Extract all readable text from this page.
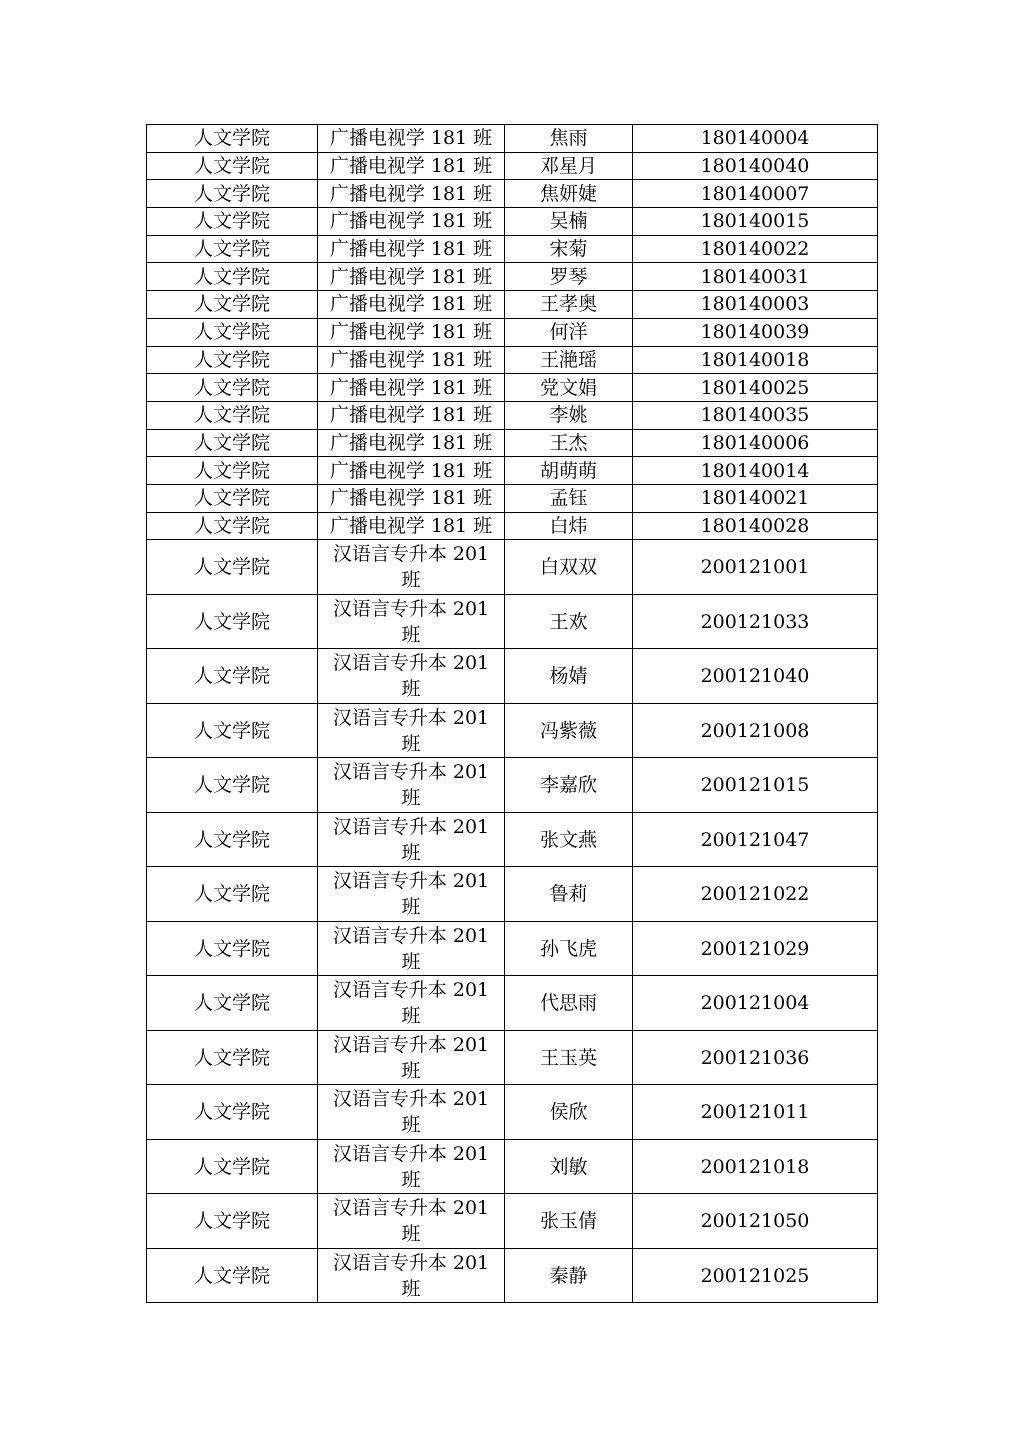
人文学院	广播电视学 181 班	焦雨	180140004
人文学院	广播电视学 181 班	邓星月	180140040
人文学院	广播电视学 181 班	焦妍婕	180140007
人文学院	广播电视学 181 班	吴楠	180140015
人文学院	广播电视学 181 班	宋菊	180140022
人文学院	广播电视学 181 班	罗琴	180140031
人文学院	广播电视学 181 班	王孝奥	180140003
人文学院	广播电视学 181 班	何洋	180140039
人文学院	广播电视学 181 班	王滟瑶	180140018
人文学院	广播电视学 181 班	党文娟	180140025
人文学院	广播电视学 181 班	李姚	180140035
人文学院	广播电视学 181 班	王杰	180140006
人文学院	广播电视学 181 班	胡萌萌	180140014
人文学院	广播电视学 181 班	孟钰	180140021
人文学院	广播电视学 181 班	白炜	180140028
人文学院	汉语言专升本 201 班	白双双	200121001
人文学院	汉语言专升本 201 班	王欢	200121033
人文学院	汉语言专升本 201 班	杨婧	200121040
人文学院	汉语言专升本 201 班	冯紫薇	200121008
人文学院	汉语言专升本 201 班	李嘉欣	200121015
人文学院	汉语言专升本 201 班	张文燕	200121047
人文学院	汉语言专升本 201 班	鲁莉	200121022
人文学院	汉语言专升本 201 班	孙飞虎	200121029
人文学院	汉语言专升本 201 班	代思雨	200121004
人文学院	汉语言专升本 201 班	王玉英	200121036
人文学院	汉语言专升本 201 班	侯欣	200121011
人文学院	汉语言专升本 201 班	刘敏	200121018
人文学院	汉语言专升本 201 班	张玉倩	200121050
人文学院	汉语言专升本 201 班	秦静	200121025
